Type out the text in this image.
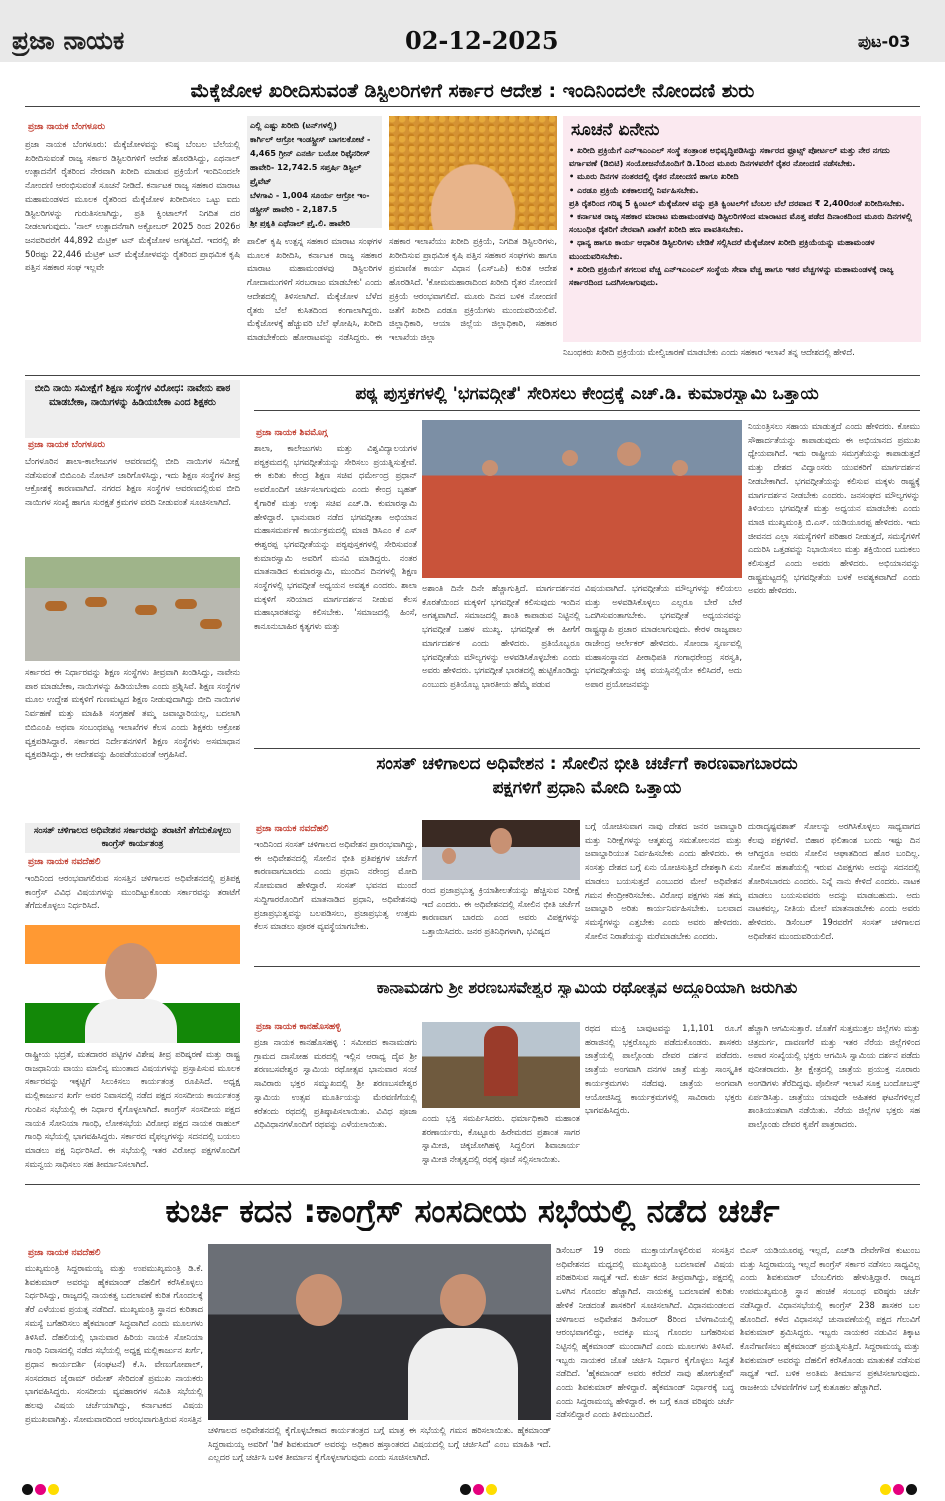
ಪ್ರಜಾ ನಾಯಕ	02-12-2025	ಪುಟ-03
ಮೆಕ್ಕೆಜೋಳ ಖರೀದಿಸುವಂತೆ ಡಿಸ್ಟಿಲರಿಗಳಿಗೆ ಸರ್ಕಾರ ಆದೇಶ : ಇಂದಿನಿಂದಲೇ ನೋಂದಣಿ ಶುರು
ಪ್ರಜಾ ನಾಯಕ ಬೆಂಗಳೂರು
ಪ್ರಜಾ ನಾಯಕ ಬೆಂಗಳೂರು: ಮೆಕ್ಕೆಜೋಳವನ್ನು ಕನಿಷ್ಠ ಬೆಂಬಲ ಬೆಲೆಯಲ್ಲಿ ಖರೀದಿಸುವಂತೆ ರಾಜ್ಯ ಸರ್ಕಾರ ಡಿಸ್ಟಿಲರಿಗಳಿಗೆ ಆದೇಶ ಹೊರಡಿಸಿದ್ದು, ಎಥನಾಲ್ ಉತ್ಪಾದನೆಗೆ ರೈತರಿಂದ ನೇರವಾಗಿ ಖರೀದಿ ಮಾಡುವ ಪ್ರಕ್ರಿಯೆಗೆ ಇಂದಿನಿಂದಲೇ ನೋಂದಣಿ ಆರಂಭಿಸುವಂತೆ ಸೂಚನೆ ನೀಡಿದೆ. ಕರ್ನಾಟಕ ರಾಜ್ಯ ಸಹಕಾರ ಮಾರಾಟ ಮಹಾಮಂಡಳದ ಮೂಲಕ ರೈತರಿಂದ ಮೆಕ್ಕೆಜೋಳ ಖರೀದಿಸಲು ಒಟ್ಟು ಐದು ಡಿಸ್ಟಿಲರಿಗಳನ್ನು ಗುರುತಿಸಲಾಗಿದ್ದು, ಪ್ರತಿ ಕ್ವಿಂಟಾಲ್‌ಗೆ ನಿಗದಿತ ದರ ನೀಡಲಾಗುವುದು. 'ನಾಲ್ ಉತ್ಪಾದನೆಗಾಗಿ ಅಕ್ಟೋಬರ್ 2025 ರಿಂದ 2026ರ ಜನವರಿವರೆಗೆ 44,892 ಮೆಟ್ರಿಕ್ ಟನ್ ಮೆಕ್ಕೆಜೋಳ ಅಗತ್ಯವಿದೆ. ಇದರಲ್ಲಿ ಶೇ 50ರಷ್ಟು 22,446 ಮೆಟ್ರಿಕ್ ಟನ್ ಮೆಕ್ಕೆಜೋಳವನ್ನು ರೈತರಿಂದ ಪ್ರಾಥಮಿಕ ಕೃಷಿ ಪತ್ತಿನ ಸಹಕಾರ ಸಂಘ ಇಲ್ಲವೇ
ಎಲ್ಲಿ ಎಷ್ಟು ಖರೀದಿ (ಟನ್‌ಗಳಲ್ಲಿ)
ಕಾರ್ಗಿಲ್ ಆಗ್ರೋ ಇಂಡಸ್ಟ್ರೀಸ್ ಬಾಗಲಕೋಟೆ -
4,465 ಗ್ರೀನ್ ಎನರ್ಜಿ ಬಯೋ ರಿಫೈನರೀಸ್
ಹಾವೇರಿ- 12,742.5 ಸಪ್ತರ್ಷಿ ಡಿಸ್ಟಿಲ್ ಪ್ರೈವೆಟ್
ಬೆಳಗಾವಿ - 1,004 ಸೂರ್ಯ ಆಗ್ರೋ ಇಂ-
ಡಸ್ಟ್ರೀಸ್ ಹಾವೇರಿ - 2,187.5
ಶ್ರೀ ಪ್ರಕೃತಿ ಎಥೆನಾಲ್ ಪ್ರೈ.ಲಿ. ಹಾವೇರಿ
ಪಾಲಿಕ್ ಕೃಷಿ ಉತ್ಪನ್ನ ಸಹಕಾರ ಮಾರಾಟ ಸಂಘಗಳ ಮೂಲಕ ಖರೀದಿಸಿ, ಕರ್ನಾಟಕ ರಾಜ್ಯ ಸಹಕಾರ ಮಾರಾಟ ಮಹಾಮಂಡಳವು ಡಿಸ್ಟಿಲರಿಗಳ ಗೋದಾಮುಗಳಿಗೆ ಸರಬರಾಜು ಮಾಡಬೇಕು' ಎಂದು ಆದೇಶದಲ್ಲಿ ತಿಳಿಸಲಾಗಿದೆ. ಮೆಕ್ಕೆಜೋಳ ಬೆಳೆದ ರೈತರು ಬೆಲೆ ಕುಸಿತದಿಂದ ಕಂಗಾಲಾಗಿದ್ದರು. ಮೆಕ್ಕೆಜೋಳಕ್ಕೆ ಹೆಚ್ಚುವರಿ ಬೆಲೆ ಘೋಷಿಸಿ, ಖರೀದಿ ಮಾಡಬೇಕೆಂದು ಹೋರಾಟವನ್ನು ನಡೆಸಿದ್ದರು. ಈ
ಸಹಕಾರ ಇಲಾಖೆಯು ಖರೀದಿ ಪ್ರಕ್ರಿಯೆ, ನಿಗದಿತ ಡಿಸ್ಟಿಲರಿಗಳು, ಖರೀದಿಸುವ ಪ್ರಾಥಮಿಕ ಕೃಷಿ ಪತ್ತಿನ ಸಹಕಾರ ಸಂಘಗಳು ಹಾಗೂ ಪ್ರಮಾಣಿತ ಕಾರ್ಯ ವಿಧಾನ (ಎಸ್‌ಒಪಿ) ಕುರಿತ ಆದೇಶ ಹೊರಡಿಸಿದೆ. 'ಕೋಮಮಹಾರಾದಿಂದ ಖರೀದಿ ರೈತರ ನೋಂದಣಿ ಪ್ರಕ್ರಿಯೆ ಆರಂಭವಾಗಲಿದೆ. ಮೂರು ದಿನದ ಬಳಿಕ ನೋಂದಣಿ ಜತೆಗೆ ಖರೀದಿ ಎರಡೂ ಪ್ರಕ್ರಿಯೆಗಳು ಮುಂದುವರಿಯಲಿವೆ. ಜಿಲ್ಲಾಧಿಕಾರಿ, ಆಯಾ ಜಿಲ್ಲೆಯ ಜಿಲ್ಲಾಧಿಕಾರಿ, ಸಹಕಾರ ಇಲಾಖೆಯ ಜಿಲ್ಲಾ
ಸೂಚನೆ ಏನೇನು
• ಖರೀದಿ ಪ್ರಕ್ರಿಯೆಗೆ ಎನ್‌ಇಎಂಎಲ್ ಸಂಸ್ಥೆ ತಂತ್ರಾಂಶ ಅಭಿವೃದ್ಧಿಪಡಿಸಿದ್ದು ಸರ್ಕಾರದ ಫ್ರೂಟ್ಸ್ ಪೋರ್ಟಲ್ ಮತ್ತು ನೇರ ನಗದು ವರ್ಗಾವಣೆ (ಡಿಬಿಟಿ) ಸಂಯೋಜನೆಯೊಂದಿಗೆ ಡಿ.1ರಿಂದ ಮೂರು ದಿನಗಳವರೆಗೆ ರೈತರ ನೋಂದಣಿ ನಡೆಸಬೇಕು.
• ಮೂರು ದಿನಗಳ ನಂತರದಲ್ಲಿ ರೈತರ ನೋಂದಣಿ ಹಾಗೂ ಖರೀದಿ
• ಎರಡೂ ಪ್ರಕ್ರಿಯೆ ಏಕಕಾಲದಲ್ಲಿ ನಿರ್ವಹಿಸಬೇಕು.
ಪ್ರತಿ ರೈತರಿಂದ ಗರಿಷ್ಠ 5 ಕ್ವಿಂಟಲ್ ಮೆಕ್ಕೆಜೋಳ ವನ್ನು ಪ್ರತಿ ಕ್ವಿಂಟಲ್‌ಗೆ ಬೆಂಬಲ ಬೆಲೆ ದರವಾದ ₹ 2,400ರಂತೆ ಖರೀದಿಸಬೇಕು.
• ಕರ್ನಾಟಕ ರಾಜ್ಯ ಸಹಕಾರ ಮಾರಾಟ ಮಹಾಮಂಡಳವು ಡಿಸ್ಟಿಲರಿಗಳಿಂದ ಮಾರಾಟದ ಮೊತ್ತ ಪಡೆದ ದಿನಾಂಕದಿಂದ ಮೂರು ದಿನಗಳಲ್ಲಿ ಸಂಬಂಧಿತ ರೈತರಿಗೆ ನೇರವಾಗಿ ಖಾತೆಗೆ ಖರೀದಿ ಹಣ ಪಾವತಿಸಬೇಕು.
• ಧಾನ್ಯ ಹಾಗೂ ಕಾರ್ಯ ಆಧಾರಿತ ಡಿಸ್ಟಿಲರಿಗಳು ಬೇಡಿಕೆ ಸಲ್ಲಿಸಿದರೆ ಮೆಕ್ಕೆಜೋಳ ಖರೀದಿ ಪ್ರಕ್ರಿಯೆಯನ್ನು ಮಹಾಮಂಡಳ ಮುಂದುವರಿಸಬೇಕು.
• ಖರೀದಿ ಪ್ರಕ್ರಿಯೆಗೆ ತಗಲುವ ವೆಚ್ಚ ಎನ್‌ಇಎಂಎಲ್ ಸಂಸ್ಥೆಯ ಸೇವಾ ವೆಚ್ಚ ಹಾಗೂ ಇತರ ವೆಚ್ಚಗಳನ್ನು ಮಹಾಮಂಡಳಕ್ಕೆ ರಾಜ್ಯ ಸರ್ಕಾರದಿಂದ ಒದಗಿಸಲಾಗುವುದು.
ನಿಬಂಧಕರು ಖರೀದಿ ಪ್ರಕ್ರಿಯೆಯ ಮೇಲ್ವಿಚಾರಣೆ ಮಾಡಬೇಕು ಎಂದು ಸಹಕಾರ ಇಲಾಖೆ ತನ್ನ ಆದೇಶದಲ್ಲಿ ಹೇಳಿದೆ.
ಬೀದಿ ನಾಯಿ ಸಮೀಕ್ಷೆಗೆ ಶಿಕ್ಷಣ ಸಂಸ್ಥೆಗಳ ವಿರೋಧ: ನಾವೇನು ಪಾಠ ಮಾಡಬೇಕಾ, ನಾಯಿಗಳನ್ನು ಹಿಡಿಯಬೇಕಾ ಎಂದ ಶಿಕ್ಷಕರು
ಪ್ರಜಾ ನಾಯಕ ಬೆಂಗಳೂರು
ಬೆಂಗಳೂರಿನ ಶಾಲಾ-ಕಾಲೇಜುಗಳ ಆವರಣದಲ್ಲಿ ಬೀದಿ ನಾಯಿಗಳ ಸಮೀಕ್ಷೆ ನಡೆಸುವಂತೆ ಬಿಬಿಎಂಪಿ ನೋಟಿಸ್ ಜಾರಿಗೊಳಿಸಿದ್ದು, ಇದು ಶಿಕ್ಷಣ ಸಂಸ್ಥೆಗಳ ತೀವ್ರ ಆಕ್ರೋಶಕ್ಕೆ ಕಾರಣವಾಗಿದೆ. ನಗರದ ಶಿಕ್ಷಣ ಸಂಸ್ಥೆಗಳ ಆವರಣದಲ್ಲಿರುವ ಬೀದಿ ನಾಯಿಗಳ ಸಂಖ್ಯೆ ಹಾಗೂ ಸುರಕ್ಷತೆ ಕ್ರಮಗಳ ವರದಿ ನೀಡುವಂತೆ ಸೂಚಿಸಲಾಗಿದೆ.
ಸರ್ಕಾರದ ಈ ನಿರ್ಧಾರವನ್ನು ಶಿಕ್ಷಣ ಸಂಸ್ಥೆಗಳು ತೀವ್ರವಾಗಿ ಖಂಡಿಸಿದ್ದು, ನಾವೇನು ಪಾಠ ಮಾಡಬೇಕಾ, ನಾಯಿಗಳನ್ನು ಹಿಡಿಯಬೇಕಾ ಎಂದು ಪ್ರಶ್ನಿಸಿವೆ. ಶಿಕ್ಷಣ ಸಂಸ್ಥೆಗಳ ಮೂಲ ಉದ್ದೇಶ ಮಕ್ಕಳಿಗೆ ಗುಣಮಟ್ಟದ ಶಿಕ್ಷಣ ನೀಡುವುದಾಗಿದ್ದು ಬೀದಿ ನಾಯಿಗಳ ನಿರ್ವಹಣೆ ಮತ್ತು ಮಾಹಿತಿ ಸಂಗ್ರಹಣೆ ತಮ್ಮ ಜವಾಬ್ದಾರಿಯಲ್ಲ, ಬದಲಾಗಿ ಬಿಬಿಎಂಪಿ ಅಥವಾ ಸಂಬಂಧಪಟ್ಟ ಇಲಾಖೆಗಳ ಕೆಲಸ ಎಂದು ಶಿಕ್ಷಕರು ಆಕ್ರೋಶ ವ್ಯಕ್ತಪಡಿಸಿದ್ದಾರೆ. ಸರ್ಕಾರದ ನಿರ್ದೇಶನಗಳಿಗೆ ಶಿಕ್ಷಣ ಸಂಸ್ಥೆಗಳು ಅಸಮಾಧಾನ ವ್ಯಕ್ತಪಡಿಸಿದ್ದು, ಈ ಆದೇಶವನ್ನು ಹಿಂಪಡೆಯುವಂತೆ ಆಗ್ರಹಿಸಿವೆ.
ಪಠ್ಯ ಪುಸ್ತಕಗಳಲ್ಲಿ 'ಭಗವದ್ಗೀತೆ' ಸೇರಿಸಲು ಕೇಂದ್ರಕ್ಕೆ ಎಚ್.ಡಿ. ಕುಮಾರಸ್ವಾಮಿ ಒತ್ತಾಯ
ಪ್ರಜಾ ನಾಯಕ ಶಿವಮೊಗ್ಗ
ಶಾಲಾ, ಕಾಲೇಜುಗಳು ಮತ್ತು ವಿಶ್ವವಿದ್ಯಾಲಯಗಳ ಪಠ್ಯಕ್ರಮದಲ್ಲಿ ಭಗವದ್ಗೀತೆಯನ್ನು ಸೇರಿಸಲು ಪ್ರಯತ್ನಿಸುತ್ತೇವೆ. ಈ ಕುರಿತು ಕೇಂದ್ರ ಶಿಕ್ಷಣ ಸಚಿವ ಧರ್ಮೇಂದ್ರ ಪ್ರಧಾನ್ ಅವರೊಂದಿಗೆ ಚರ್ಚಿಸಲಾಗುವುದು ಎಂದು ಕೇಂದ್ರ ಬೃಹತ್ ಕೈಗಾರಿಕೆ ಮತ್ತು ಉಕ್ಕು ಸಚಿವ ಎಚ್.ಡಿ. ಕುಮಾರಸ್ವಾಮಿ ಹೇಳಿದ್ದಾರೆ. ಭಾನುವಾರ ನಡೆದ ಭಗವದ್ಗೀತಾ ಅಭಿಯಾನ ಮಹಾಸಮರ್ಪಣೆ ಕಾರ್ಯಕ್ರಮದಲ್ಲಿ ಮಾಜಿ ಡಿಸಿಎಂ ಕೆ ಎಸ್ ಈಶ್ವರಪ್ಪ ಭಗವದ್ಗೀತೆಯನ್ನು ಪಠ್ಯಪುಸ್ತಕಗಳಲ್ಲಿ ಸೇರಿಸುವಂತೆ ಕುಮಾರಸ್ವಾಮಿ ಅವರಿಗೆ ಮನವಿ ಮಾಡಿದ್ದರು. ನಂತರ ಮಾತನಾಡಿದ ಕುಮಾರಸ್ವಾಮಿ, ಮುಂದಿನ ದಿನಗಳಲ್ಲಿ ಶಿಕ್ಷಣ ಸಂಸ್ಥೆಗಳಲ್ಲಿ ಭಗವದ್ಗೀತೆ ಅಧ್ಯಯನ ಅವಶ್ಯಕ ಎಂದರು. ಶಾಲಾ ಮಕ್ಕಳಿಗೆ ಸರಿಯಾದ ಮಾರ್ಗದರ್ಶನ ನೀಡುವ ಕೆಲಸ ಮಹಾಭಾರತವನ್ನು ಕಲಿಸಬೇಕು. 'ಸಮಾಜದಲ್ಲಿ ಹಿಂಸೆ, ಕಾನೂನುಬಾಹಿರ ಕೃತ್ಯಗಳು ಮತ್ತು
ಅಶಾಂತಿ ದಿನೇ ದಿನೇ ಹೆಚ್ಚಾಗುತ್ತಿದೆ. ಮಾರ್ಗದರ್ಶನದ ಕೊರತೆಯಿಂದ ಮಕ್ಕಳಿಗೆ ಭಗವದ್ಗೀತೆ ಕಲಿಸುವುದು ಇಂದಿನ ಅಗತ್ಯವಾಗಿದೆ. ಸಮಾಜದಲ್ಲಿ ಶಾಂತಿ ಕಾಪಾಡುವ ನಿಟ್ಟಿನಲ್ಲಿ ಭಗವದ್ಗೀತೆ ಬಹಳ ಮುಖ್ಯ. ಭಗವದ್ಗೀತೆ ಈ ಹೀಗೆಗೆ ಮಾರ್ಗದರ್ಶಕ ಎಂದು ಹೇಳಿದರು. ಪ್ರತಿಯೊಬ್ಬರೂ ಭಗವದ್ಗೀತೆಯ ಮೌಲ್ಯಗಳನ್ನು ಅಳವಡಿಸಿಕೊಳ್ಳಬೇಕು ಎಂದು ಅವರು ಹೇಳಿದರು. ಭಗವದ್ಗೀತೆ ಭಾರತದಲ್ಲಿ ಹುಟ್ಟಿಕೊಂಡಿದ್ದು ಎಂಬುದು ಪ್ರತಿಯೊಬ್ಬ ಭಾರತೀಯ ಹೆಮ್ಮೆ ಪಡುವ
ವಿಷಯವಾಗಿದೆ. ಭಗವದ್ಗೀತೆಯ ಮೌಲ್ಯಗಳನ್ನು ಕಲಿಯಲು ಮತ್ತು ಅಳವಡಿಸಿಕೊಳ್ಳಲು ಎಲ್ಲರೂ ಬೇರೆ ಬೇರೆ ಒದಗಿಸುವಂತಾಗಬೇಕು. ಭಗವದ್ಗೀತೆ ಅಧ್ಯಯನವನ್ನು ರಾಷ್ಟ್ರವ್ಯಾಪಿ ಪ್ರಚಾರ ಮಾಡಲಾಗುವುದು. ಕೇರಳ ರಾಜ್ಯಪಾಲ ರಾಜೇಂದ್ರ ಆರ್ಲೇಕರ್ ಹೇಳಿದರು. ಸೋಂದಾ ಸ್ವರ್ಣವಲ್ಲಿ ಮಹಾಸಂಸ್ಥಾನದ ಪೀಠಾಧಿಪತಿ ಗಂಗಾಧರೇಂದ್ರ ಸರಸ್ವತಿ, ಭಗವದ್ಗೀತೆಯನ್ನು ಚಿಕ್ಕ ವಯಸ್ಸಿನಲ್ಲಿಯೇ ಕಲಿಸಿದರೆ, ಅದು ಅಪಾರ ಪ್ರಯೋಜನವನ್ನು
ನಿಯಂತ್ರಿಸಲು ಸಹಾಯ ಮಾಡುತ್ತದೆ ಎಂದು ಹೇಳಿದರು. ಕೋಮು ಸೌಹಾರ್ದತೆಯನ್ನು ಕಾಪಾಡುವುದು ಈ ಅಭಿಯಾನದ ಪ್ರಮುಖ ಧ್ಯೇಯವಾಗಿದೆ. ಇದು ರಾಷ್ಟ್ರೀಯ ಸಮಗ್ರತೆಯನ್ನು ಕಾಪಾಡುತ್ತದೆ ಮತ್ತು ದೇಶದ ವಿದ್ವಾಂಸರು ಯುವಕರಿಗೆ ಮಾರ್ಗದರ್ಶನ ನೀಡಬೇಕಾಗಿದೆ. ಭಗವದ್ಗೀತೆಯನ್ನು ಕಲಿಸುವ ಮಕ್ಕಳು ರಾಷ್ಟ್ರಕ್ಕೆ ಮಾರ್ಗದರ್ಶನ ನೀಡಬೇಕು ಎಂದರು. ಜನಸಂಘದ ಮೌಲ್ಯಗಳನ್ನು ತಿಳಿಯಲು ಭಗವದ್ಗೀತೆ ಮತ್ತು ಅಧ್ಯಯನ ಮಾಡಬೇಕು ಎಂದು ಮಾಜಿ ಮುಖ್ಯಮಂತ್ರಿ ಬಿ.ಎಸ್. ಯಡಿಯೂರಪ್ಪ ಹೇಳಿದರು. ಇದು ಜೀವನದ ಎಲ್ಲಾ ಸಮಸ್ಯೆಗಳಿಗೆ ಪರಿಹಾರ ನೀಡುತ್ತದೆ, ಸಮಸ್ಯೆಗಳಿಗೆ ಎದುರಿಸಿ ಒತ್ತಡವನ್ನು ನಿಭಾಯಿಸಲು ಮತ್ತು ಶಕ್ತಿಯಿಂದ ಬದುಕಲು ಕಲಿಸುತ್ತದೆ ಎಂದು ಅವರು ಹೇಳಿದರು. ಅಭಿಯಾನವನ್ನು ರಾಷ್ಟ್ರಮಟ್ಟದಲ್ಲಿ ಭಗವದ್ಗೀತೆಯ ಬಳಕೆ ಅವಶ್ಯಕವಾಗಿದೆ ಎಂದು ಅವರು ಹೇಳಿದರು.
ಸಂಸತ್ ಚಳಿಗಾಲದ ಅಧಿವೇಶನ : ಸೋಲಿನ ಭೀತಿ ಚರ್ಚೆಗೆ ಕಾರಣವಾಗಬಾರದು
ಪಕ್ಷಗಳಿಗೆ ಪ್ರಧಾನಿ ಮೋದಿ ಒತ್ತಾಯ
ಪ್ರಜಾ ನಾಯಕ ನವದೆಹಲಿ
ಇಂದಿನಿಂದ ಸಂಸತ್ ಚಳಿಗಾಲದ ಅಧಿವೇಶನ ಪ್ರಾರಂಭವಾಗಿದ್ದು, ಈ ಅಧಿವೇಶನದಲ್ಲಿ ಸೋಲಿನ ಭೀತಿ ಪ್ರತಿಪಕ್ಷಗಳ ಚರ್ಚೆಗೆ ಕಾರಣವಾಗಬಾರದು ಎಂದು ಪ್ರಧಾನಿ ನರೇಂದ್ರ ಮೋದಿ ಸೋಮವಾರ ಹೇಳಿದ್ದಾರೆ. ಸಂಸತ್ ಭವನದ ಮುಂದೆ ಸುದ್ದಿಗಾರರೊಂದಿಗೆ ಮಾತನಾಡಿದ ಪ್ರಧಾನಿ, ಅಧಿವೇಶನವು ಪ್ರಜಾಪ್ರಭುತ್ವವನ್ನು ಬಲಪಡಿಸಲು, ಪ್ರಜಾಪ್ರಭುತ್ವ ಉತ್ತಮ ಕೆಲಸ ಮಾಡಲು ಪೂರಕ ವ್ಯವಸ್ಥೆಯಾಗಬೇಕು.
ರಂದ ಪ್ರಜಾಪ್ರಭುತ್ವ ಕ್ರಿಯಾಶೀಲತೆಯನ್ನು ಹೆಚ್ಚಿಸುವ ನಿರೀಕ್ಷೆ ಇದೆ ಎಂದರು. ಈ ಅಧಿವೇಶನದಲ್ಲಿ ಸೋಲಿನ ಭೀತಿ ಚರ್ಚೆಗೆ ಕಾರಣವಾಗ ಬಾರದು ಎಂದ ಅವರು ವಿಪಕ್ಷಗಳನ್ನು ಒತ್ತಾಯಿಸಿದರು. ಜನರ ಪ್ರತಿನಿಧಿಗಳಾಗಿ, ಭವಿಷ್ಯದ
ಬಗ್ಗೆ ಯೋಚಿಸುವಾಗ ನಾವು ದೇಶದ ಜನರ ಜವಾಬ್ದಾರಿ ಮತ್ತು ನಿರೀಕ್ಷೆಗಳನ್ನು ಆತ್ಮಶುದ್ಧ ಸಮತೋಲನದ ಮತ್ತು ಜವಾಬ್ದಾರಿಯುತ ನಿರ್ವಹಿಸಬೇಕು ಎಂದು ಹೇಳಿದರು. ಈ ಸಂಸತ್ತು ದೇಶದ ಬಗ್ಗೆ ಏನು ಯೋಚಿಸುತ್ತಿದೆ ದೇಶಕ್ಕಾಗಿ ಏನು ಮಾಡಲು ಬಯಸುತ್ತದೆ ಎಂಬುದರ ಮೇಲೆ ಅಧಿವೇಶನ ಗಮನ ಕೇಂದ್ರೀಕರಿಸಬೇಕು. ವಿರೋಧ ಪಕ್ಷಗಳು ಸಹ ತಮ್ಮ ಜವಾಬ್ದಾರಿ ಅರಿತು ಕಾರ್ಯನಿರ್ವಹಿಸಬೇಕು. ಬಲವಾದ ಸಮಸ್ಯೆಗಳನ್ನು ಎತ್ತಬೇಕು ಎಂದು ಅವರು ಹೇಳಿದರು. ಸೋಲಿನ ನಿರಾಶೆಯನ್ನು ಮರೆಮಾಡಬೇಕು ಎಂದರು.
ದುರಾದೃಷ್ಟವಶಾತ್ ಸೋಲನ್ನು ಅರಗಿಸಿಕೊಳ್ಳಲು ಸಾಧ್ಯವಾಗದ ಕೆಲವು ಪಕ್ಷಗಳಿವೆ. ಬಿಹಾರ ಫಲಿತಾಂಶ ಬಂದು ಇಷ್ಟು ದಿನ ಆಗಿದ್ದರೂ ಅವರು ಸೋಲಿನ ಆಘಾತದಿಂದ ಹೊರ ಬಂದಿಲ್ಲ. ಸೋಲಿನ ಹತಾಶೆಯಲ್ಲಿ ಇರುವ ವಿಪಕ್ಷಗಳು ಅದನ್ನು ಸದನದಲ್ಲಿ ತೋರಿಸಬಾರದು ಎಂದರು. ನಿನ್ನೆ ನಾನು ಕೇಳಿದೆ ಎಂದರು. ನಾಟಕ ಮಾಡಲು ಬಯಸುವವರು ಅದನ್ನು ಮಾಡಬಹುದು. ಅದು ನಾಟಕವಲ್ಲ, ನೀತಿಯ ಮೇಲೆ ಮಾತನಾಡಬೇಕು ಎಂದು ಅವರು ಹೇಳಿದರು. ಡಿಸೆಂಬರ್ 19ರವರೆಗೆ ಸಂಸತ್ ಚಳಿಗಾಲದ ಅಧಿವೇಶನ ಮುಂದುವರಿಯಲಿದೆ.
ಸಂಸತ್ ಚಳಿಗಾಲದ ಅಧಿವೇಶನ ಸರ್ಕಾರವನ್ನು ತರಾಟೆಗೆ ತೆಗೆದುಕೊಳ್ಳಲು ಕಾಂಗ್ರೆಸ್ ಕಾರ್ಯತಂತ್ರ
ಪ್ರಜಾ ನಾಯಕ ನವದೆಹಲಿ
ಇಂದಿನಿಂದ ಆರಂಭವಾಗಲಿರುವ ಸಂಸತ್ತಿನ ಚಳಿಗಾಲದ ಅಧಿವೇಶನದಲ್ಲಿ ಪ್ರತಿಪಕ್ಷ ಕಾಂಗ್ರೆಸ್ ವಿವಿಧ ವಿಷಯಗಳನ್ನು ಮುಂದಿಟ್ಟುಕೊಂಡು ಸರ್ಕಾರವನ್ನು ತರಾಟೆಗೆ ತೆಗೆದುಕೊಳ್ಳಲು ನಿರ್ಧರಿಸಿದೆ.
ರಾಷ್ಟ್ರೀಯ ಭದ್ರತೆ, ಮತದಾರರ ಪಟ್ಟಿಗಳ ವಿಶೇಷ ತೀವ್ರ ಪರಿಷ್ಕರಣೆ ಮತ್ತು ರಾಷ್ಟ್ರ ರಾಜಧಾನಿಯ ವಾಯು ಮಾಲಿನ್ಯ ಮುಂತಾದ ವಿಷಯಗಳನ್ನು ಪ್ರಸ್ತಾಪಿಸುವ ಮೂಲಕ ಸರ್ಕಾರವನ್ನು ಇಕ್ಕಟ್ಟಿಗೆ ಸಿಲುಕಿಸಲು ಕಾರ್ಯತಂತ್ರ ರೂಪಿಸಿದೆ. ಅಧ್ಯಕ್ಷ ಮಲ್ಲಿಕಾರ್ಜುನ ಖರ್ಗೆ ಅವರ ನಿವಾಸದಲ್ಲಿ ನಡೆದ ಪಕ್ಷದ ಸಂಸದೀಯ ಕಾರ್ಯತಂತ್ರ ಗುಂಪಿನ ಸಭೆಯಲ್ಲಿ ಈ ನಿರ್ಧಾರ ಕೈಗೊಳ್ಳಲಾಗಿದೆ. ಕಾಂಗ್ರೆಸ್ ಸಂಸದೀಯ ಪಕ್ಷದ ನಾಯಕಿ ಸೋನಿಯಾ ಗಾಂಧಿ, ಲೋಕಸಭೆಯ ವಿರೋಧ ಪಕ್ಷದ ನಾಯಕ ರಾಹುಲ್ ಗಾಂಧಿ ಸಭೆಯಲ್ಲಿ ಭಾಗವಹಿಸಿದ್ದರು. ಸರ್ಕಾರದ ವೈಫಲ್ಯಗಳನ್ನು ಸದನದಲ್ಲಿ ಬಯಲು ಮಾಡಲು ಪಕ್ಷ ನಿರ್ಧರಿಸಿದೆ. ಈ ಸಭೆಯಲ್ಲಿ ಇತರ ವಿರೋಧ ಪಕ್ಷಗಳೊಂದಿಗೆ ಸಮನ್ವಯ ಸಾಧಿಸಲು ಸಹ ತೀರ್ಮಾನಿಸಲಾಗಿದೆ.
ಕಾನಾಮಡಗು ಶ್ರೀ ಶರಣಬಸವೇಶ್ವರ ಸ್ವಾಮಿಯ ರಥೋತ್ಸವ ಅದ್ದೂರಿಯಾಗಿ ಜರುಗಿತು
ಪ್ರಜಾ ನಾಯಕ ಕಾನಹೊಸಹಳ್ಳಿ
ಪ್ರಜಾ ನಾಯಕ ಕಾನಹೊಸಹಳ್ಳಿ : ಸಮೀಪದ ಕಾನಾಮಡಗು ಗ್ರಾಮದ ದಾಸೋಹ ಮಠದಲ್ಲಿ ಇಲ್ಲಿನ ಆರಾಧ್ಯ ದೈವ ಶ್ರೀ ಶರಣಬಸವೇಶ್ವರ ಸ್ವಾಮಿಯ ರಥೋತ್ಸವ ಭಾನುವಾರ ಸಂಜೆ ಸಾವಿರಾರು ಭಕ್ತರ ಸಮ್ಮುಖದಲ್ಲಿ ಶ್ರೀ ಶರಣಬಸವೇಶ್ವರ ಸ್ವಾಮಿಯ ಉತ್ಸವ ಮೂರ್ತಿಯನ್ನು ಮೆರವಣಿಗೆಯಲ್ಲಿ ಕರೆತಂದು ರಥದಲ್ಲಿ ಪ್ರತಿಷ್ಠಾಪಿಸಲಾಯಿತು. ವಿವಿಧ ಪೂಜಾ ವಿಧಿವಿಧಾನಗಳೊಂದಿಗೆ ರಥವನ್ನು ಎಳೆಯಲಾಯಿತು.
ಎಂದು ಭಕ್ತಿ ಸಮರ್ಪಿಸಿದರು. ಧರ್ಮಾಧಿಕಾರಿ ಮಹಾಂತ ಶರಣಾರ್ಯರು, ಕೊಟ್ಟೂರು ಹಿರೇಮಠದ ಪ್ರಶಾಂತ ಸಾಗರ ಸ್ವಾಮೀಜಿ, ಚಿಕ್ಕಜೋಗಿಹಳ್ಳಿ ಸಿದ್ದಲಿಂಗ ಶಿವಾಚಾರ್ಯ ಸ್ವಾಮೀಜಿ ನೇತೃತ್ವದಲ್ಲಿ ರಥಕ್ಕೆ ಪೂಜೆ ಸಲ್ಲಿಸಲಾಯಿತು.
ರಥದ ಮುಕ್ತಿ ಬಾವುಟವನ್ನು 1,1,101 ರೂ.ಗೆ ಹರಾಜಿನಲ್ಲಿ ಭಕ್ತರೊಬ್ಬರು ಪಡೆದುಕೊಂಡರು. ಶಾಸಕರು ಜಾತ್ರೆಯಲ್ಲಿ ಪಾಲ್ಗೊಂಡು ದೇವರ ದರ್ಶನ ಪಡೆದರು. ಜಾತ್ರೆಯ ಅಂಗವಾಗಿ ದನಗಳ ಜಾತ್ರೆ ಮತ್ತು ಸಾಂಸ್ಕೃತಿಕ ಕಾರ್ಯಕ್ರಮಗಳು ನಡೆದವು. ಜಾತ್ರೆಯ ಅಂಗವಾಗಿ ಆಯೋಜಿಸಿದ್ದ ಕಾರ್ಯಕ್ರಮಗಳಲ್ಲಿ ಸಾವಿರಾರು ಭಕ್ತರು ಭಾಗವಹಿಸಿದ್ದರು.
ಹೆಚ್ಚಾಗಿ ಆಗಮಿಸುತ್ತಾರೆ. ಜೊತೆಗೆ ಸುತ್ತಮುತ್ತಲ ಜಿಲ್ಲೆಗಳು ಮತ್ತು ಚಿತ್ರದುರ್ಗ, ದಾವಣಗೆರೆ ಮತ್ತು ಇತರ ನೆರೆಯ ಜಿಲ್ಲೆಗಳಿಂದ ಅಪಾರ ಸಂಖ್ಯೆಯಲ್ಲಿ ಭಕ್ತರು ಆಗಮಿಸಿ ಸ್ವಾಮಿಯ ದರ್ಶನ ಪಡೆದು ಪುನೀತರಾದರು. ಶ್ರೀ ಕ್ಷೇತ್ರದಲ್ಲಿ ಜಾತ್ರೆಯ ಪ್ರಯುಕ್ತ ನೂರಾರು ಅಂಗಡಿಗಳು ತೆರೆದಿದ್ದವು. ಪೊಲೀಸ್ ಇಲಾಖೆ ಸೂಕ್ತ ಬಂದೋಬಸ್ತ್ ಏರ್ಪಡಿಸಿತ್ತು. ಜಾತ್ರೆಯು ಯಾವುದೇ ಅಹಿತಕರ ಘಟನೆಗಳಿಲ್ಲದೆ ಶಾಂತಿಯುತವಾಗಿ ನಡೆಯಿತು. ನೆರೆಯ ಜಿಲ್ಲೆಗಳ ಭಕ್ತರು ಸಹ ಪಾಲ್ಗೊಂಡು ದೇವರ ಕೃಪೆಗೆ ಪಾತ್ರರಾದರು.
ಕುರ್ಚಿ ಕದನ :ಕಾಂಗ್ರೆಸ್ ಸಂಸದೀಯ ಸಭೆಯಲ್ಲಿ ನಡೆದ ಚರ್ಚೆ
ಪ್ರಜಾ ನಾಯಕ ನವದೆಹಲಿ
ಮುಖ್ಯಮಂತ್ರಿ ಸಿದ್ದರಾಮಯ್ಯ ಮತ್ತು ಉಪಮುಖ್ಯಮಂತ್ರಿ ಡಿ.ಕೆ. ಶಿವಕುಮಾರ್ ಅವರನ್ನು ಹೈಕಮಾಂಡ್ ದೆಹಲಿಗೆ ಕರೆಸಿಕೊಳ್ಳಲು ನಿರ್ಧರಿಸಿದ್ದು, ರಾಜ್ಯದಲ್ಲಿ ನಾಯಕತ್ವ ಬದಲಾವಣೆ ಕುರಿತ ಗೊಂದಲಕ್ಕೆ ತೆರೆ ಎಳೆಯುವ ಪ್ರಯತ್ನ ನಡೆದಿದೆ. ಮುಖ್ಯಮಂತ್ರಿ ಸ್ಥಾನದ ಕುರಿತಾದ ಸಮಸ್ಯೆ ಬಗೆಹರಿಸಲು ಹೈಕಮಾಂಡ್ ಸಿದ್ಧವಾಗಿದೆ ಎಂದು ಮೂಲಗಳು ತಿಳಿಸಿವೆ. ದೆಹಲಿಯಲ್ಲಿ ಭಾನುವಾರ ಹಿರಿಯ ನಾಯಕಿ ಸೋನಿಯಾ ಗಾಂಧಿ ನಿವಾಸದಲ್ಲಿ ನಡೆದ ಸಭೆಯಲ್ಲಿ ಅಧ್ಯಕ್ಷ ಮಲ್ಲಿಕಾರ್ಜುನ ಖರ್ಗೆ, ಪ್ರಧಾನ ಕಾರ್ಯದರ್ಶಿ (ಸಂಘಟನೆ) ಕೆ.ಸಿ. ವೇಣುಗೋಪಾಲ್, ಸಂಸದರಾದ ಜೈರಾಮ್ ರಮೇಶ್ ಸೇರಿದಂತೆ ಪ್ರಮುಖ ನಾಯಕರು ಭಾಗವಹಿಸಿದ್ದರು. ಸಂಸದೀಯ ವ್ಯವಹಾರಗಳ ಸಮಿತಿ ಸಭೆಯಲ್ಲಿ ಹಲವು ವಿಷಯ ಚರ್ಚೆಯಾಗಿದ್ದು, ಕರ್ನಾಟಕದ ವಿಷಯ ಪ್ರಮುಖವಾಗಿತ್ತು. ಸೋಮವಾರದಿಂದ ಆರಂಭವಾಗುತ್ತಿರುವ ಸಂಸತ್ತಿನ
ಚಳಿಗಾಲದ ಅಧಿವೇಶನದಲ್ಲಿ ಕೈಗೊಳ್ಳಬೇಕಾದ ಕಾರ್ಯತಂತ್ರದ ಬಗ್ಗೆ ಮಾತ್ರ ಈ ಸಭೆಯಲ್ಲಿ ಗಮನ ಹರಿಸಲಾಯಿತು. ಹೈಕಮಾಂಡ್ ಸಿದ್ದರಾಮಯ್ಯ ಅವರಿಗೆ 'ಡಿಕೆ ಶಿವಕುಮಾರ್ ಅವರನ್ನು ಅಧಿಕಾರ ಹಸ್ತಾಂತರದ ವಿಷಯದಲ್ಲಿ ಬಗ್ಗೆ ಚರ್ಚಿಸಿದೆ' ಎಂಬ ಮಾಹಿತಿ ಇದೆ. ಎಲ್ಲದರ ಬಗ್ಗೆ ಚರ್ಚಿಸಿ ಬಳಿಕ ತೀರ್ಮಾನ ಕೈಗೊಳ್ಳಲಾಗುವುದು ಎಂದು ಸೂಚಿಸಲಾಗಿದೆ.
ಡಿಸೆಂಬರ್ 19 ರಂದು ಮುಕ್ತಾಯಗೊಳ್ಳಲಿರುವ ಸಂಸತ್ತಿನ ಅಧಿವೇಶನದ ಮಧ್ಯದಲ್ಲಿ ಮುಖ್ಯಮಂತ್ರಿ ಬದಲಾವಣೆ ವಿಷಯ ಪರಿಹರಿಸುವ ಸಾಧ್ಯತೆ ಇದೆ. ಕುರ್ಚಿ ಕದನ ತೀವ್ರವಾಗಿದ್ದು, ಪಕ್ಷದಲ್ಲಿ ಒಳಗಿನ ಗೊಂದಲ ಹೆಚ್ಚಾಗಿದೆ. ನಾಯಕತ್ವ ಬದಲಾವಣೆ ಕುರಿತು ಹೇಳಿಕೆ ನೀಡದಂತೆ ಶಾಸಕರಿಗೆ ಸೂಚಿಸಲಾಗಿದೆ. ವಿಧಾನಮಂಡಲದ ಚಳಿಗಾಲದ ಅಧಿವೇಶನ ಡಿಸೆಂಬರ್ 8ರಿಂದ ಬೆಳಗಾವಿಯಲ್ಲಿ ಆರಂಭವಾಗಲಿದ್ದು, ಅದಕ್ಕೂ ಮುನ್ನ ಗೊಂದಲ ಬಗೆಹರಿಸುವ ನಿಟ್ಟಿನಲ್ಲಿ ಹೈಕಮಾಂಡ್ ಮುಂದಾಗಿದೆ ಎಂದು ಮೂಲಗಳು ತಿಳಿಸಿವೆ. ಇಬ್ಬರು ನಾಯಕರ ಜೊತೆ ಚರ್ಚಿಸಿ ನಿರ್ಧಾರ ಕೈಗೊಳ್ಳಲು ಸಿದ್ಧತೆ ನಡೆದಿದೆ. 'ಹೈಕಮಾಂಡ್ ಅವರು ಕರೆದರೆ ನಾವು ಹೋಗುತ್ತೇವೆ' ಎಂದು ಶಿವಕುಮಾರ್ ಹೇಳಿದ್ದಾರೆ. ಹೈಕಮಾಂಡ್ ನಿರ್ಧಾರಕ್ಕೆ ಬದ್ಧ ಎಂದು ಸಿದ್ದರಾಮಯ್ಯ ಹೇಳಿದ್ದಾರೆ. ಈ ಬಗ್ಗೆ ಕೂಡ ವರಿಷ್ಠರು ಚರ್ಚೆ ನಡೆಸಲಿದ್ದಾರೆ ಎಂದು ತಿಳಿದುಬಂದಿದೆ.
ಬಿಎಸ್ ಯಡಿಯೂರಪ್ಪ ಇಲ್ಲದೆ, ಎಚ್‌ಡಿ ದೇವೇಗೌಡ ಕುಟುಂಬ ಮತ್ತು ಸಿದ್ದರಾಮಯ್ಯ ಇಲ್ಲದೆ ಕಾಂಗ್ರೆಸ್ ಸರ್ಕಾರ ನಡೆಸಲು ಸಾಧ್ಯವಿಲ್ಲ ಎಂದು ಶಿವಕುಮಾರ್ ಬೆಂಬಲಿಗರು ಹೇಳುತ್ತಿದ್ದಾರೆ. ರಾಜ್ಯದ ಉಪಮುಖ್ಯಮಂತ್ರಿ ಸ್ಥಾನ ಹಂಚಿಕೆ ಸಂಬಂಧ ವರಿಷ್ಠರು ಚರ್ಚೆ ನಡೆಸಿದ್ದಾರೆ. ವಿಧಾನಸಭೆಯಲ್ಲಿ ಕಾಂಗ್ರೆಸ್ 238 ಶಾಸಕರ ಬಲ ಹೊಂದಿದೆ. ಕಳೆದ ವಿಧಾನಸಭೆ ಚುನಾವಣೆಯಲ್ಲಿ ಪಕ್ಷದ ಗೆಲುವಿಗೆ ಶಿವಕುಮಾರ್ ಶ್ರಮಿಸಿದ್ದರು. ಇಬ್ಬರು ನಾಯಕರ ನಡುವಿನ ತಿಕ್ಕಾಟ ಕೊನೆಗಾಣಿಸಲು ಹೈಕಮಾಂಡ್ ಪ್ರಯತ್ನಿಸುತ್ತಿದೆ. ಸಿದ್ದರಾಮಯ್ಯ ಮತ್ತು ಶಿವಕುಮಾರ್ ಅವರನ್ನು ದೆಹಲಿಗೆ ಕರೆಸಿಕೊಂಡು ಮಾತುಕತೆ ನಡೆಸುವ ಸಾಧ್ಯತೆ ಇದೆ. ಬಳಿಕ ಅಂತಿಮ ತೀರ್ಮಾನ ಪ್ರಕಟಿಸಲಾಗುವುದು. ರಾಜಕೀಯ ಬೆಳವಣಿಗೆಗಳ ಬಗ್ಗೆ ಕುತೂಹಲ ಹೆಚ್ಚಾಗಿದೆ.
